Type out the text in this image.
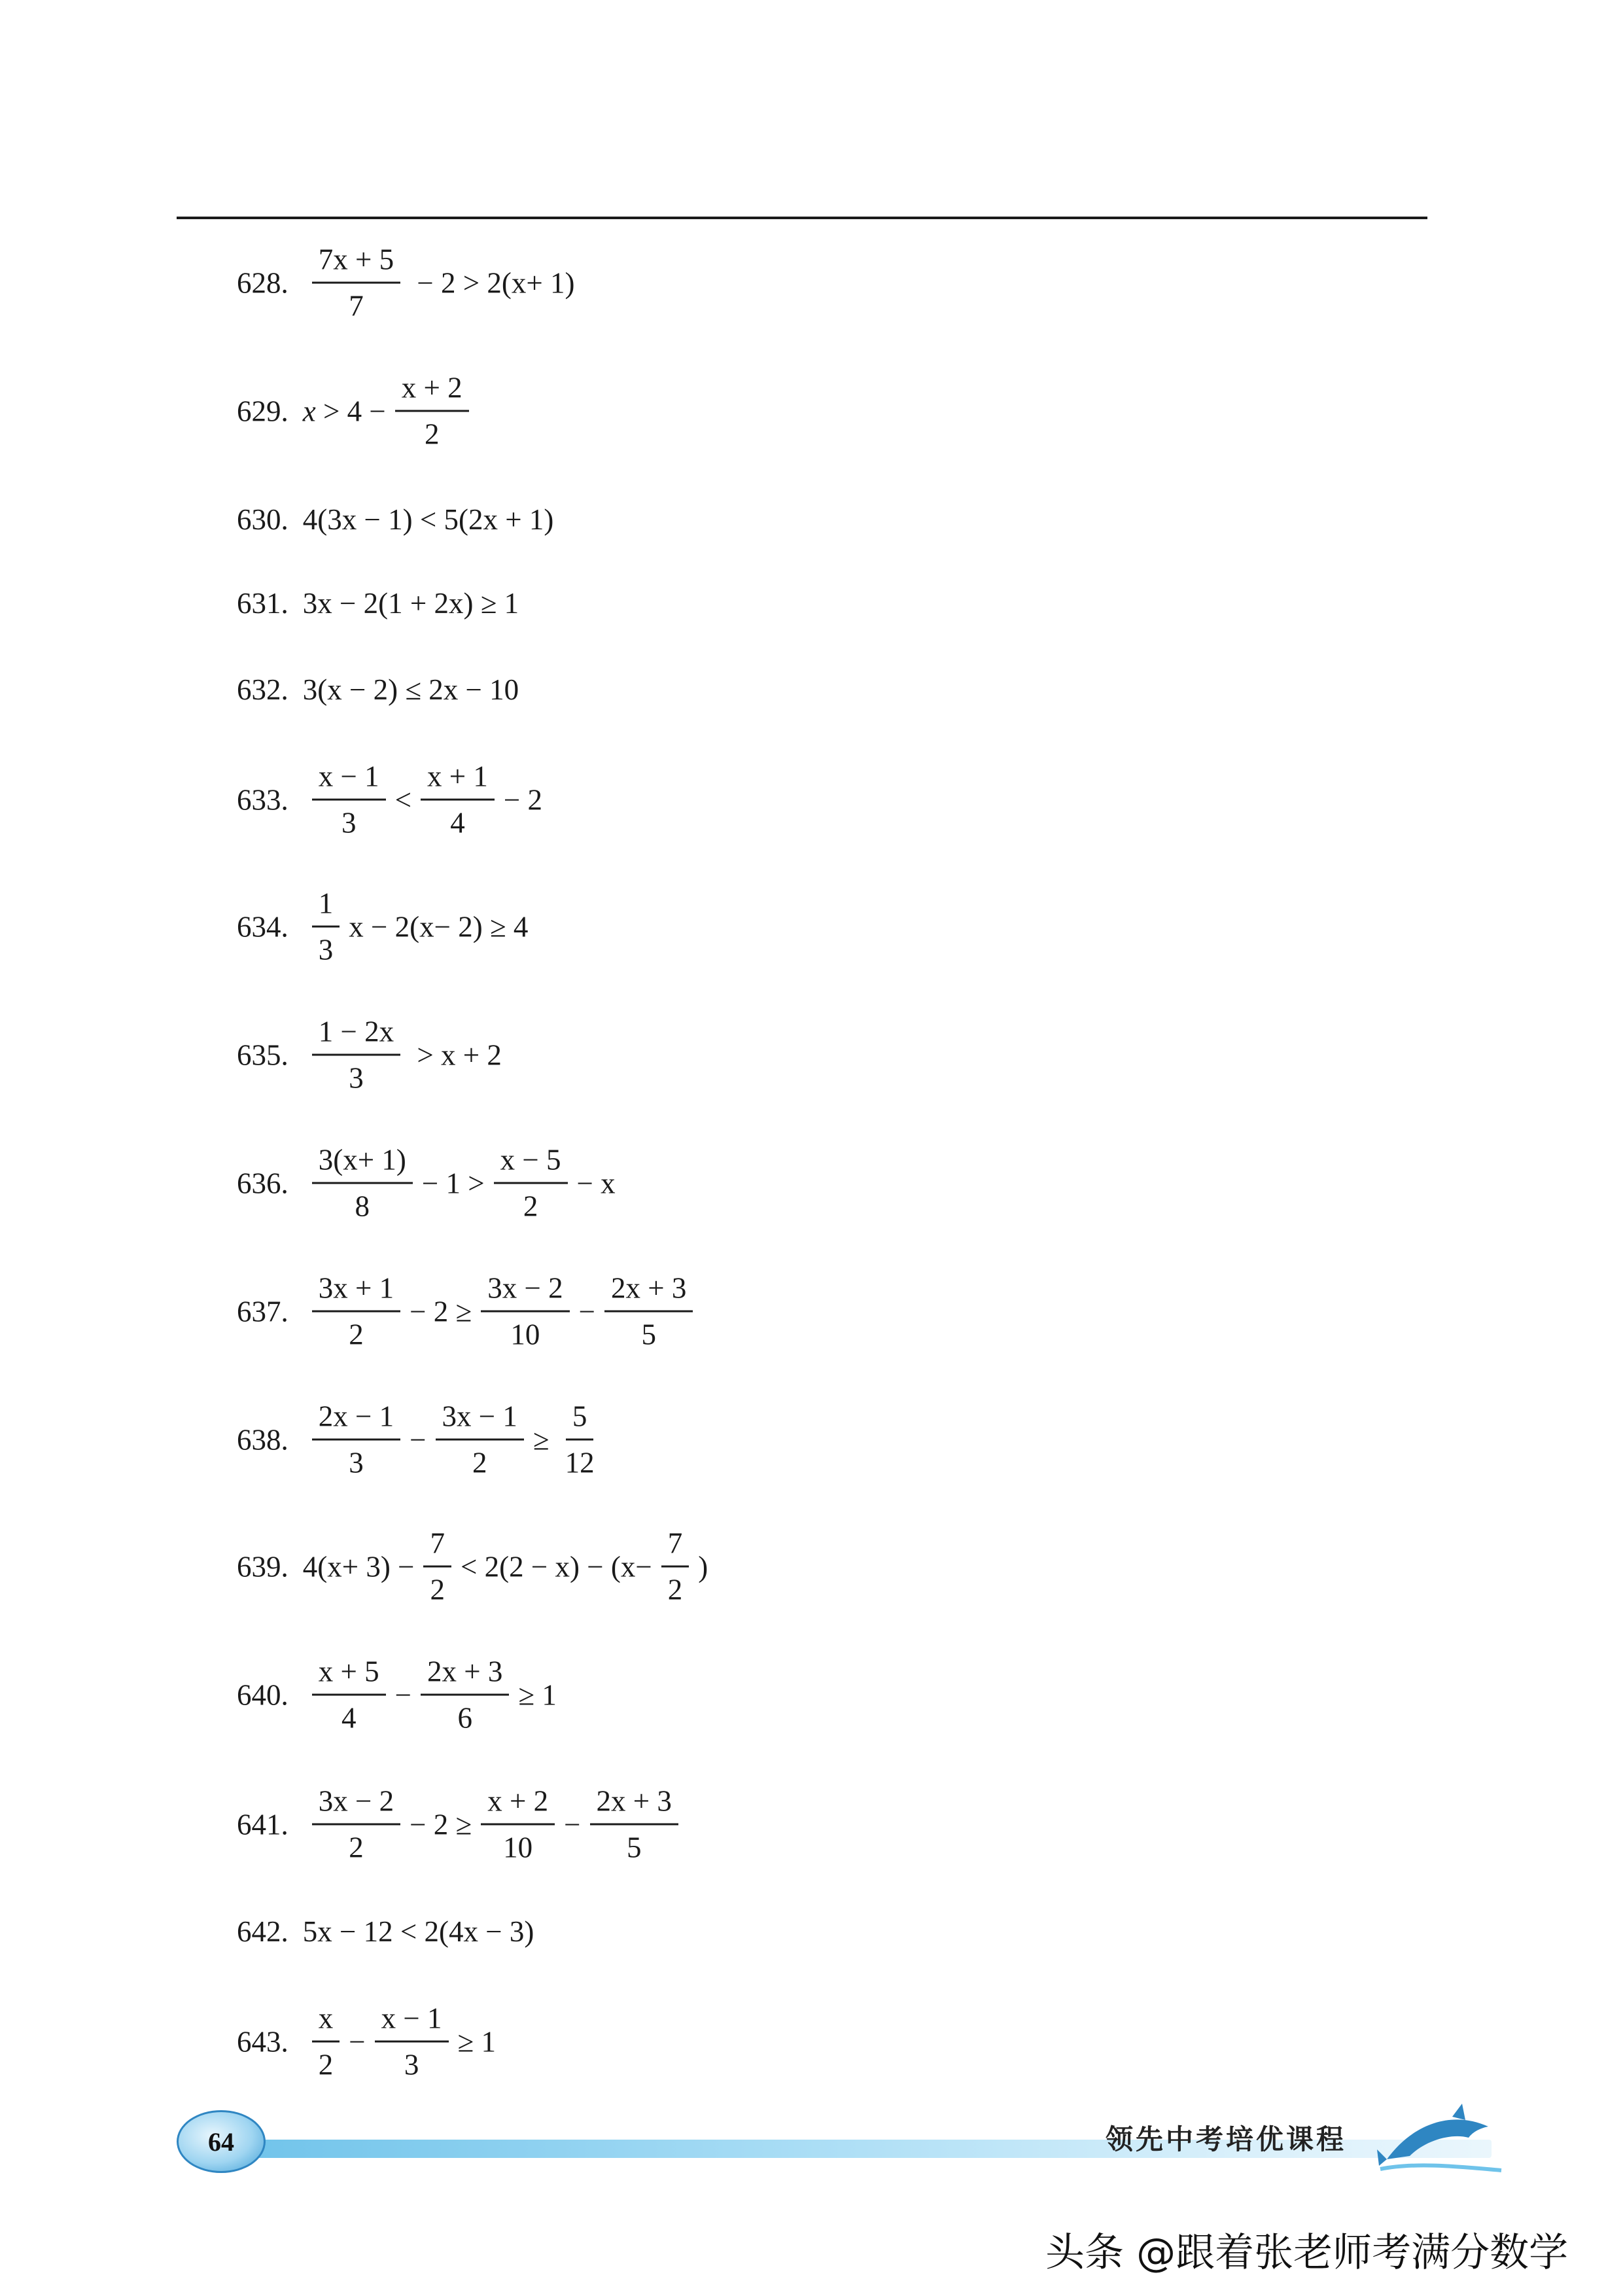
628. $\frac{7x + 5}{7} - 2 > 2(x+ 1)$
629. $x > 4 - \frac{x + 2}{2}$
630. 4(3x − 1) < 5(2x + 1)
631. 3x − 2(1 + 2x) ≥ 1
632. 3(x − 2) ≤ 2x − 10
633. $\frac{x - 1}{3} < \frac{x + 1}{4} - 2$
634. $\frac{1}{3}$ x − 2(x− 2) ≥ 4
635. $\frac{1 - 2x}{3} > x + 2$
636. $\frac{3(x+ 1)}{8} - 1 > \frac{x - 5}{2} - x$
637. $\frac{3x + 1}{2} - 2 \ge \frac{3x - 2}{10} - \frac{2x + 3}{5}$
638. $\frac{2x - 1}{3} - \frac{3x - 1}{2} \ge \frac{5}{12}$
639. $4(x+ 3) - \frac{7}{2} < 2(2 - x) - (x- \frac{7}{2}$ )
640. $\frac{x + 5}{4} - \frac{2x + 3}{6} \ge 1$
641. $\frac{3x - 2}{2} - 2 \ge \frac{x + 2}{10} - \frac{2x + 3}{5}$
642. 5x − 12 < 2(4x − 3)
643. $\frac{x}{2} - \frac{x - 1}{3} \ge 1$
64	领先中考培优课程
头条 @跟着张老师考满分数学
